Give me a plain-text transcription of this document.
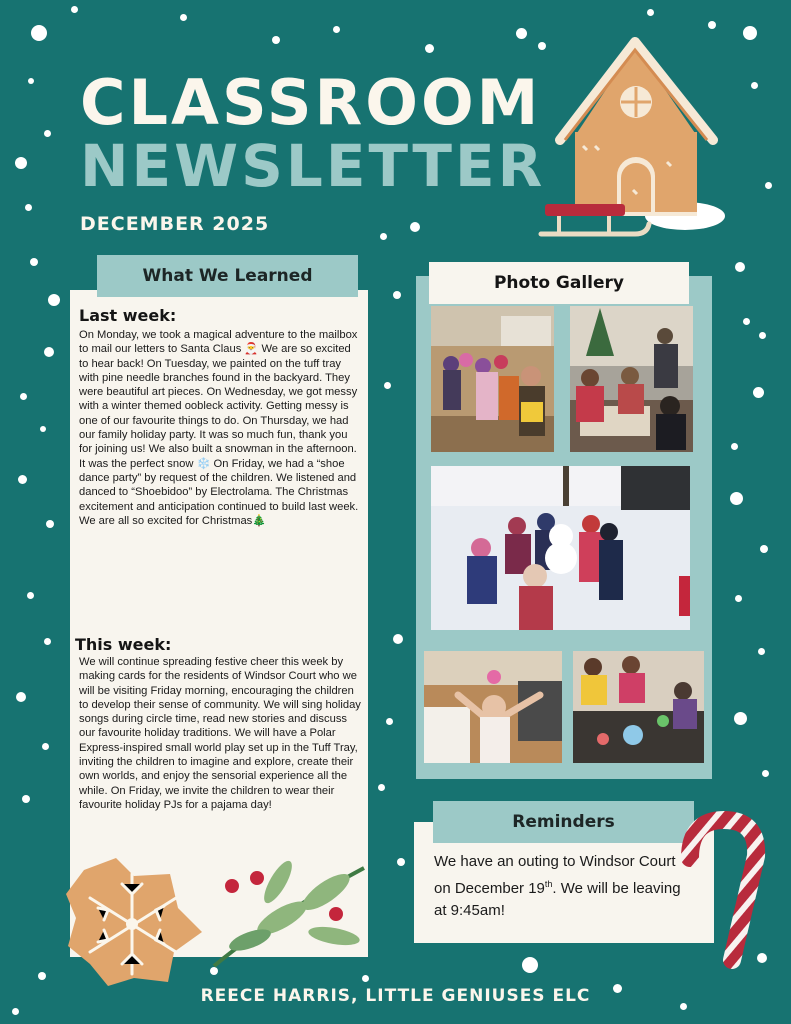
CLASSROOM
NEWSLETTER
DECEMBER 2025
What We Learned
Last week:

On Monday, we took a magical adventure to the mailbox to mail our letters to Santa Claus 🎅 We are so excited to hear back! On Tuesday, we painted on the tuff tray with pine needle branches found in the backyard. They were beautiful art pieces. On Wednesday, we got messy with a winter themed oobleck activity. Getting messy is one of our favourite things to do. On Thursday, we had our family holiday party. It was so much fun, thank you for joining us! We also built a snowman in the afternoon. It was the perfect snow ❄️ On Friday, we had a “shoe dance party” by request of the children. We listened and danced to “Shoebidoo” by Electrolama. The Christmas excitement and anticipation continued to build last week. We are all so excited for Christmas🎄

This week:

We will continue spreading festive cheer this week by making cards for the residents of Windsor Court who we will be visiting Friday morning, encouraging the children to develop their sense of community. We will sing holiday songs during circle time, read new stories and discuss our favourite holiday traditions. We will have a Polar Express-inspired small world play set up in the Tuff Tray, inviting the children to imagine and explore, create their own worlds, and enjoy the sensorial experience all the while. On Friday, we invite the children to wear their favourite holiday PJs for a pajama day!

Photo Gallery
Reminders

We have an outing to Windsor Court on December 19th. We will be leaving at 9:45am!

REECE HARRIS, LITTLE GENIUSES ELC
